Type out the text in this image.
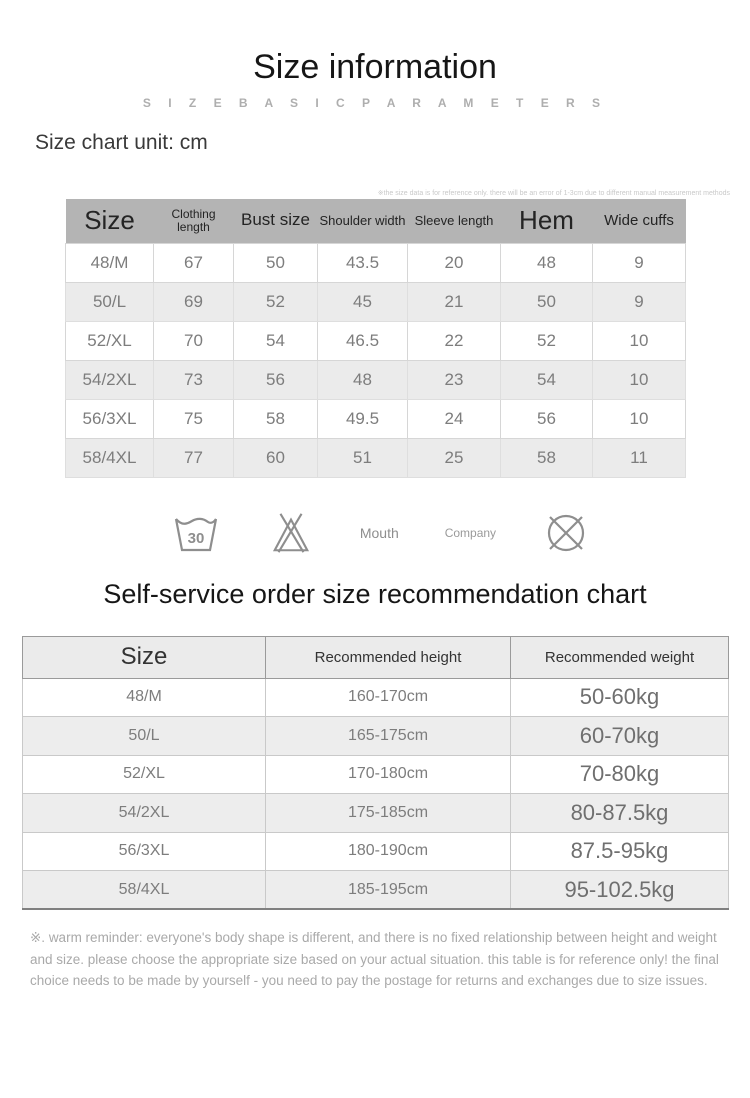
Size information
S I Z E B A S I C P A R A M E T E R S
Size chart unit: cm
※the size data is for reference only. there will be an error of 1-3cm due to different manual measurement methods
Size	Clothing length	Bust size	Shoulder width	Sleeve length	Hem	Wide cuffs
48/M	67	50	43.5	20	48	9
50/L	69	52	45	21	50	9
52/XL	70	54	46.5	22	52	10
54/2XL	73	56	48	23	54	10
56/3XL	75	58	49.5	24	56	10
58/4XL	77	60	51	25	58	11
30	Mouth	Company
Self-service order size recommendation chart
Size	Recommended height	Recommended weight
48/M	160-170cm	50-60kg
50/L	165-175cm	60-70kg
52/XL	170-180cm	70-80kg
54/2XL	175-185cm	80-87.5kg
56/3XL	180-190cm	87.5-95kg
58/4XL	185-195cm	95-102.5kg

※. warm reminder: everyone's body shape is different, and there is no fixed relationship between height and weight and size. please choose the appropriate size based on your actual situation. this table is for reference only! the final choice needs to be made by yourself - you need to pay the postage for returns and exchanges due to size issues.
